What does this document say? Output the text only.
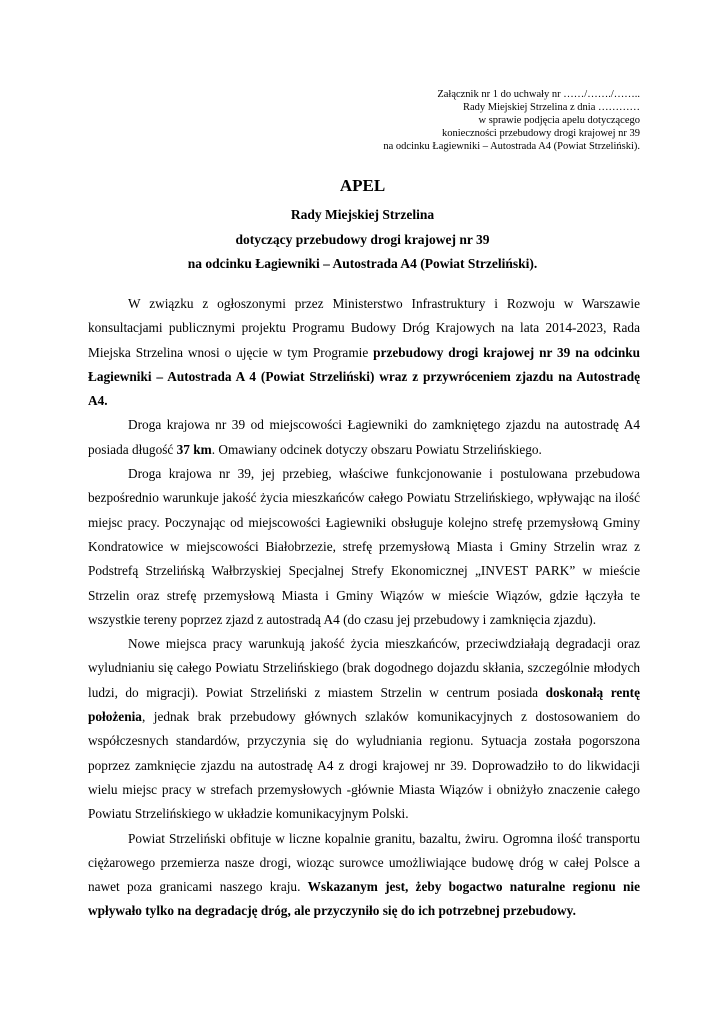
Załącznik nr 1 do uchwały nr ……/……./……..
Rady Miejskiej Strzelina z dnia …………
w sprawie podjęcia apelu dotyczącego
konieczności przebudowy drogi krajowej nr 39
na odcinku Łagiewniki – Autostrada A4 (Powiat Strzeliński).
APEL
Rady Miejskiej Strzelina
dotyczący przebudowy drogi krajowej nr 39
na odcinku Łagiewniki – Autostrada A4 (Powiat Strzeliński).

W związku z ogłoszonymi przez Ministerstwo Infrastruktury i Rozwoju w Warszawie konsultacjami publicznymi projektu Programu Budowy Dróg Krajowych na lata 2014-2023, Rada Miejska Strzelina wnosi o ujęcie w tym Programie przebudowy drogi krajowej nr 39 na odcinku Łagiewniki – Autostrada A 4 (Powiat Strzeliński) wraz z przywróceniem zjazdu na Autostradę A4.

Droga krajowa nr 39 od miejscowości Łagiewniki do zamkniętego zjazdu na autostradę A4 posiada długość 37 km. Omawiany odcinek dotyczy obszaru Powiatu Strzelińskiego.

Droga krajowa nr 39, jej przebieg, właściwe funkcjonowanie i postulowana przebudowa bezpośrednio warunkuje jakość życia mieszkańców całego Powiatu Strzelińskiego, wpływając na ilość miejsc pracy. Poczynając od miejscowości Łagiewniki obsługuje kolejno strefę przemysłową Gminy Kondratowice w miejscowości Białobrzezie, strefę przemysłową Miasta i Gminy Strzelin wraz z Podstrefą Strzelińską Wałbrzyskiej Specjalnej Strefy Ekonomicznej „INVEST PARK” w mieście Strzelin oraz strefę przemysłową Miasta i Gminy Wiązów w mieście Wiązów, gdzie łączyła te wszystkie tereny poprzez zjazd z autostradą A4 (do czasu jej przebudowy i zamknięcia zjazdu).

Nowe miejsca pracy warunkują jakość życia mieszkańców, przeciwdziałają degradacji oraz wyludnianiu się całego Powiatu Strzelińskiego (brak dogodnego dojazdu skłania, szczególnie młodych ludzi, do migracji). Powiat Strzeliński z miastem Strzelin w centrum posiada doskonałą rentę położenia, jednak brak przebudowy głównych szlaków komunikacyjnych z dostosowaniem do współczesnych standardów, przyczynia się do wyludniania regionu. Sytuacja została pogorszona poprzez zamknięcie zjazdu na autostradę A4 z drogi krajowej nr 39. Doprowadziło to do likwidacji wielu miejsc pracy w strefach przemysłowych -głównie Miasta Wiązów i obniżyło znaczenie całego Powiatu Strzelińskiego w układzie komunikacyjnym Polski.

Powiat Strzeliński obfituje w liczne kopalnie granitu, bazaltu, żwiru. Ogromna ilość transportu ciężarowego przemierza nasze drogi, wioząc surowce umożliwiające budowę dróg w całej Polsce a nawet poza granicami naszego kraju. Wskazanym jest, żeby bogactwo naturalne regionu nie wpływało tylko na degradację dróg, ale przyczyniło się do ich potrzebnej przebudowy.
